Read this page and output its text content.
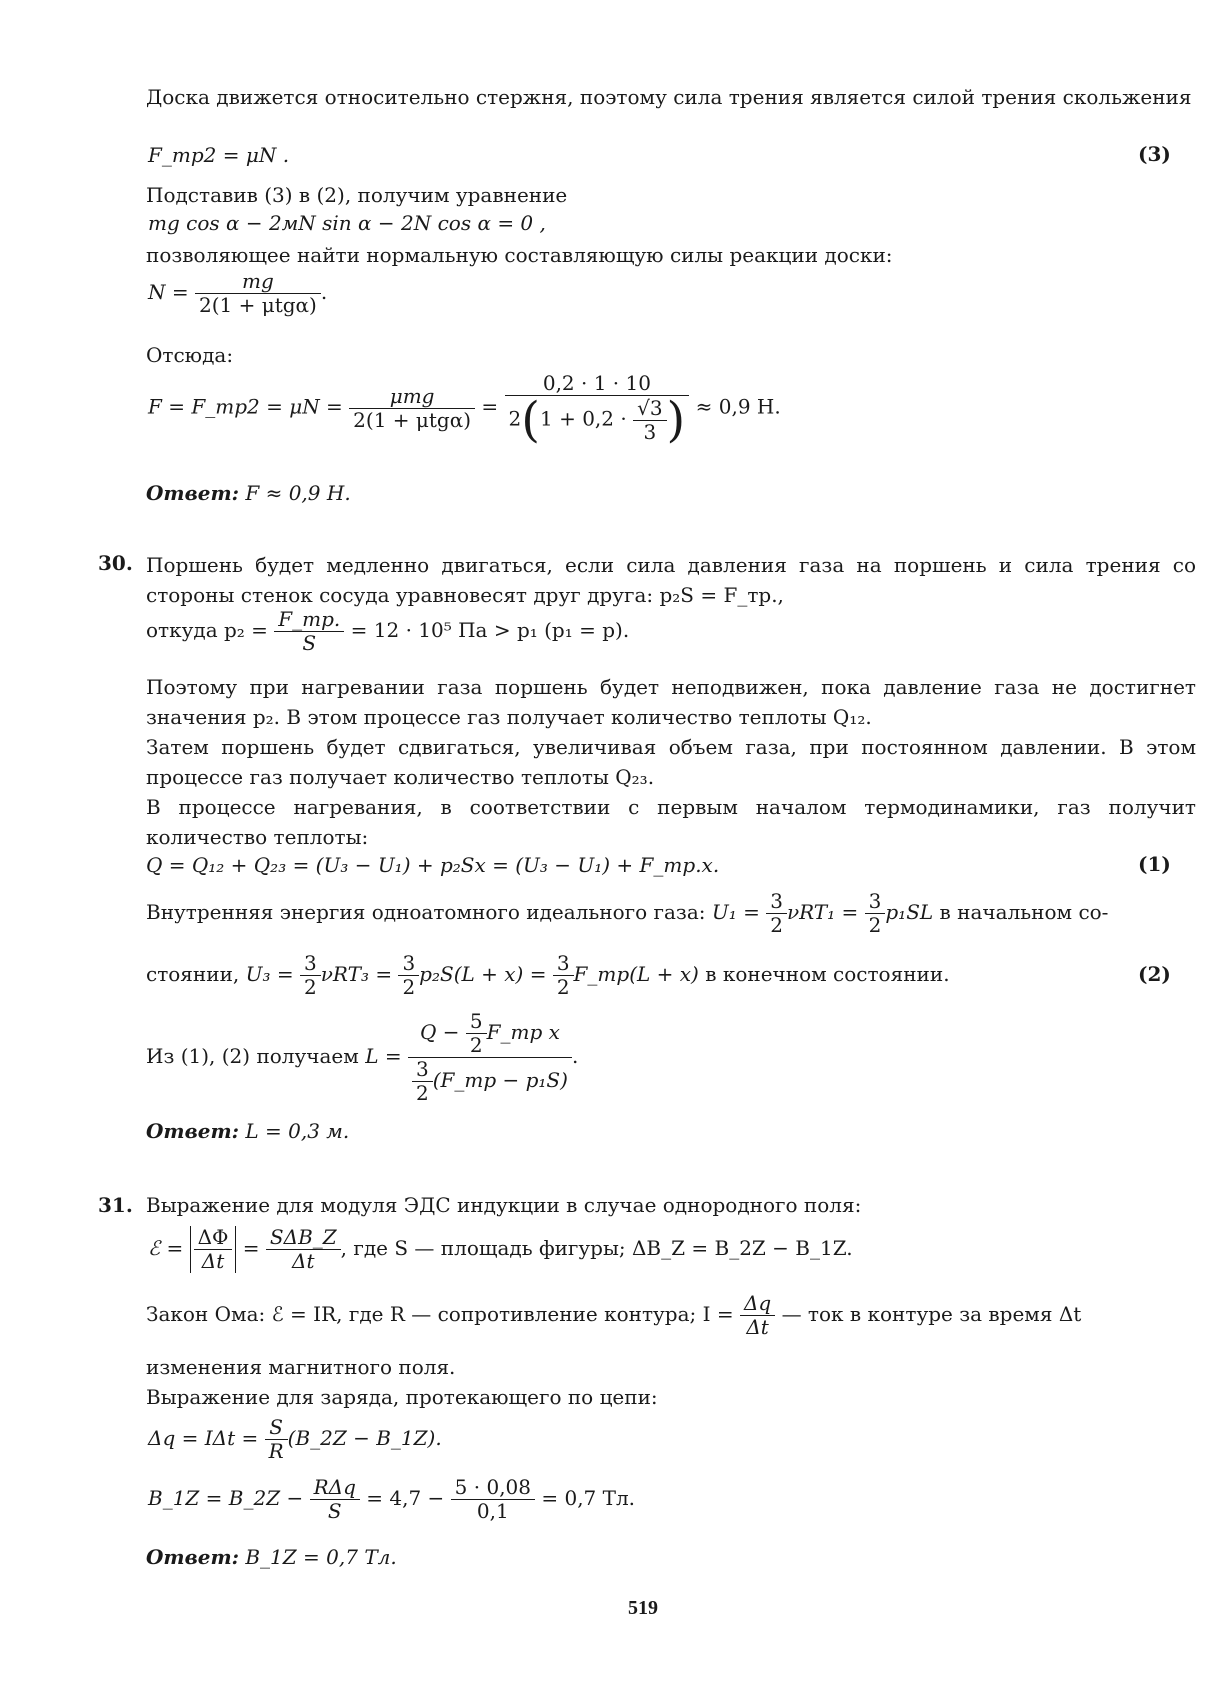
Доска движется относительно стержня, поэтому сила трения является силой трения скольжения
F_тр2 = μN .	(3)
Подставив (3) в (2), получим уравнение
mg cos α − 2мN sin α − 2N cos α = 0 ,
позволяющее найти нормальную составляющую силы реакции доски:
$N = \frac{mg}{\text{2(1 + μtgα)}}$ .
Отсюда:
F = F_тр2 = $\mu N = \frac{\text{μmg}}{\text{2(1 + μtgα)}} = \frac{0,2 \cdot 1 \cdot 10}{2(1 + 0,2 \cdot \frac{√3}{3} )} \approx 0,9$ Н.
Ответ: F ≈ 0,9 Н.
30. Поршень будет медленно двигаться, если сила давления газа на поршень и сила трения со стороны стенок сосуда уравновесят друг друга: p₂S = F_тр.,
откуда $p_2 = \frac{F\_тр.}{S} = 12 \cdot 10^5$ Па > p₁ (p₁ = p).
Поэтому при нагревании газа поршень будет неподвижен, пока давление газа не достигнет значения p₂. В этом процессе газ получает количество теплоты Q₁₂.
Затем поршень будет сдвигаться, увеличивая объем газа, при постоянном давлении. В этом процессе газ получает количество теплоты Q₂₃.
В процессе нагревания, в соответствии с первым началом термодинамики, газ получит количество теплоты:
Q = Q₁₂ + Q₂₃ = (U₃ − U₁) + p₂Sx = (U₃ − U₁) + F_тр.x.	(1)
Внутренняя энергия одноатомного идеального газа: $U_1 = \frac{3}{2} \nu RT_1 = \frac{3}{2} p_1SL$ в начальном со-
стоянии, $U_3 = \frac{3}{2} \nu RT_3 = \frac{3}{2} p_2S(L + x) = \frac{3}{2}$ F_тр(L + x) в конечном состоянии.	(2)
Из (1), (2) получаем $L = \frac{Q - \frac{5}{2} F\_тр x}{\frac{3}{2} (F\_тр - p_1S)}$ .
Ответ: L = 0,3 м.
31. Выражение для модуля ЭДС индукции в случае однородного поля:
ℰ = $\frac{\Delta\Phi}{\Delta t} = \frac{\text{SΔB\_Z}}{\Delta t}$ , где S — площадь фигуры; ΔB_Z = B_2Z − B_1Z.
Закон Ома: ℰ = IR, где R — сопротивление контура; $I = \frac{\Delta q}{\Delta t}$ — ток в контуре за время Δt
изменения магнитного поля.
Выражение для заряда, протекающего по цепи:
$\Delta q = I\Delta t = \frac{S}{R}$ (B_2Z − B_1Z).
B_1Z = B_2Z − $\frac{\text{RΔq}}{S} = 4,7 - \frac{5 \cdot 0,08}{0,1} = 0,7$ Тл.
Ответ: B_1Z = 0,7 Тл.
519
